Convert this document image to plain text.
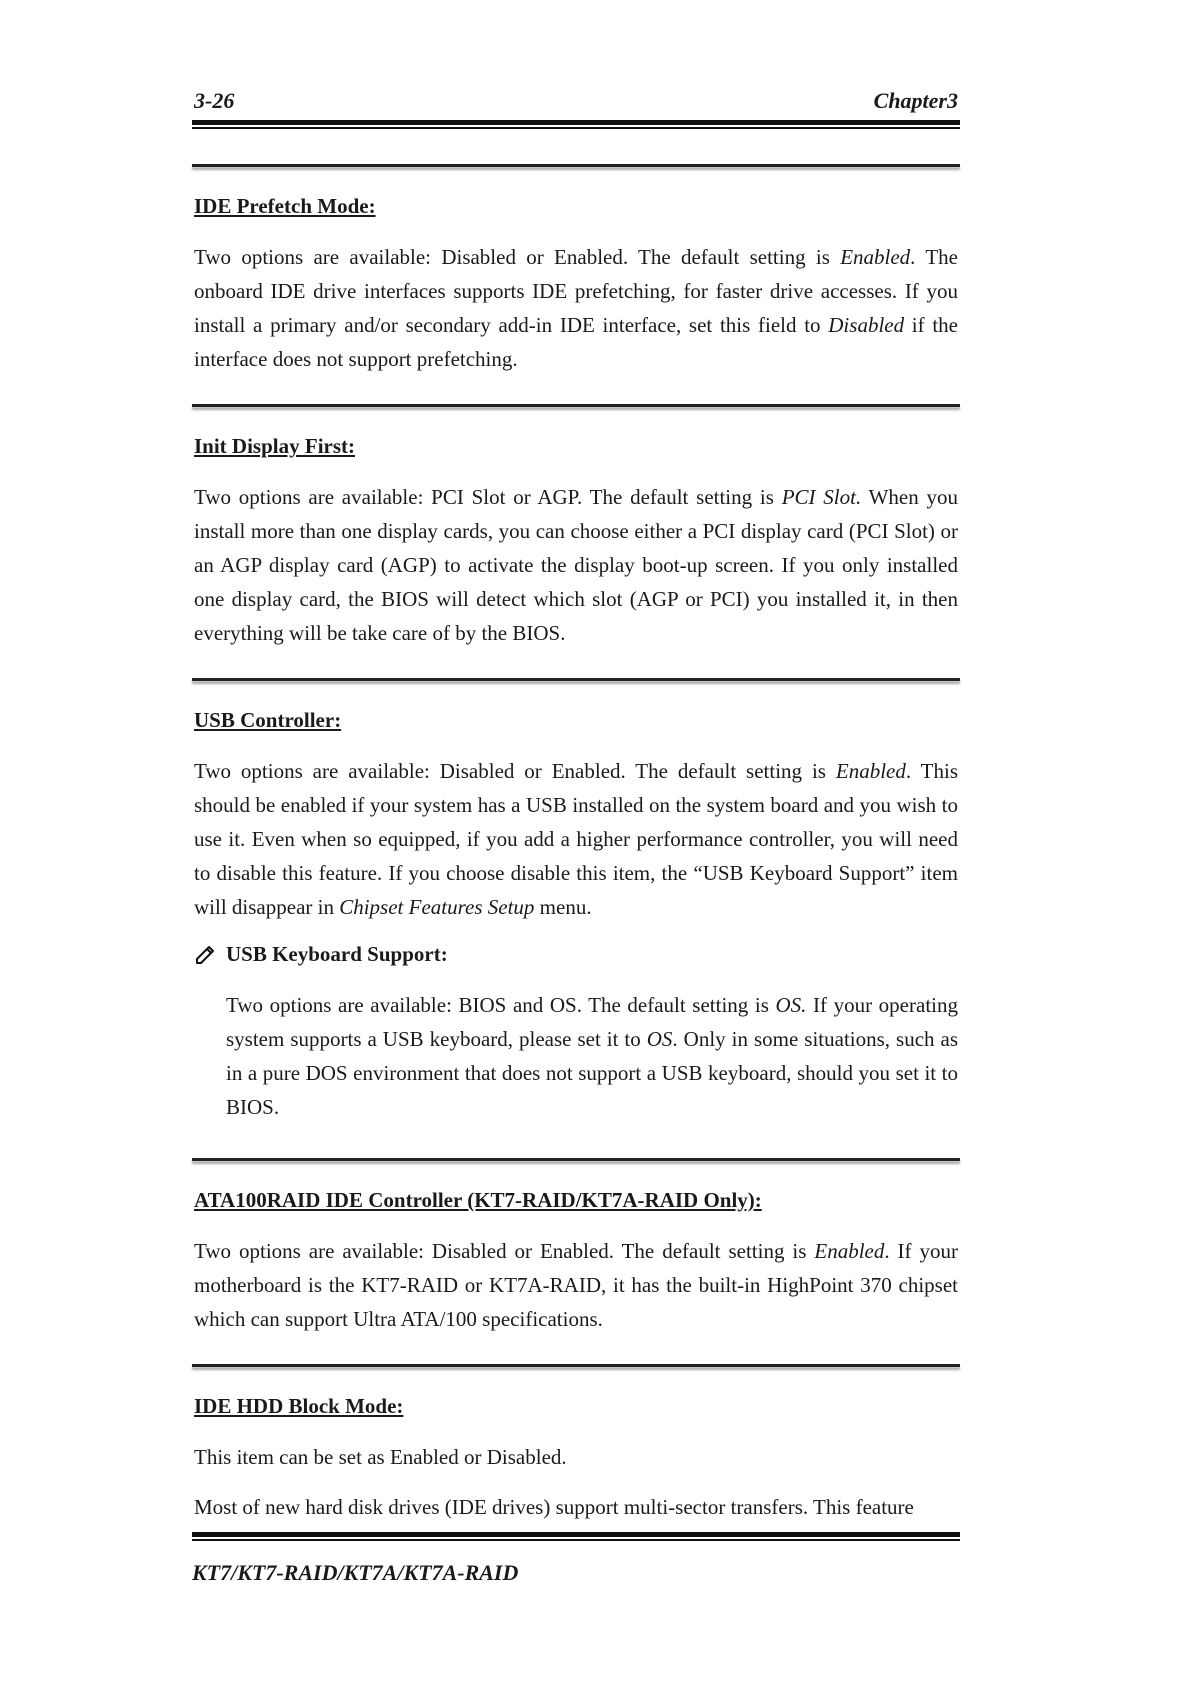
3-26	Chapter3

IDE Prefetch Mode:

Two options are available: Disabled or Enabled. The default setting is Enabled. The onboard IDE drive interfaces supports IDE prefetching, for faster drive accesses. If you install a primary and/or secondary add-in IDE interface, set this field to Disabled if the interface does not support prefetching.

Init Display First:

Two options are available: PCI Slot or AGP. The default setting is PCI Slot. When you install more than one display cards, you can choose either a PCI display card (PCI Slot) or an AGP display card (AGP) to activate the display boot-up screen. If you only installed one display card, the BIOS will detect which slot (AGP or PCI) you installed it, in then everything will be take care of by the BIOS.

USB Controller:

Two options are available: Disabled or Enabled. The default setting is Enabled. This should be enabled if your system has a USB installed on the system board and you wish to use it. Even when so equipped, if you add a higher performance controller, you will need to disable this feature. If you choose disable this item, the “USB Keyboard Support” item will disappear in Chipset Features Setup menu.

USB Keyboard Support:

Two options are available: BIOS and OS. The default setting is OS. If your operating system supports a USB keyboard, please set it to OS. Only in some situations, such as in a pure DOS environment that does not support a USB keyboard, should you set it to BIOS.

ATA100RAID IDE Controller (KT7-RAID/KT7A-RAID Only):

Two options are available: Disabled or Enabled. The default setting is Enabled. If your motherboard is the KT7-RAID or KT7A-RAID, it has the built-in HighPoint 370 chipset which can support Ultra ATA/100 specifications.

IDE HDD Block Mode:

This item can be set as Enabled or Disabled.

Most of new hard disk drives (IDE drives) support multi-sector transfers. This feature

KT7/KT7-RAID/KT7A/KT7A-RAID
